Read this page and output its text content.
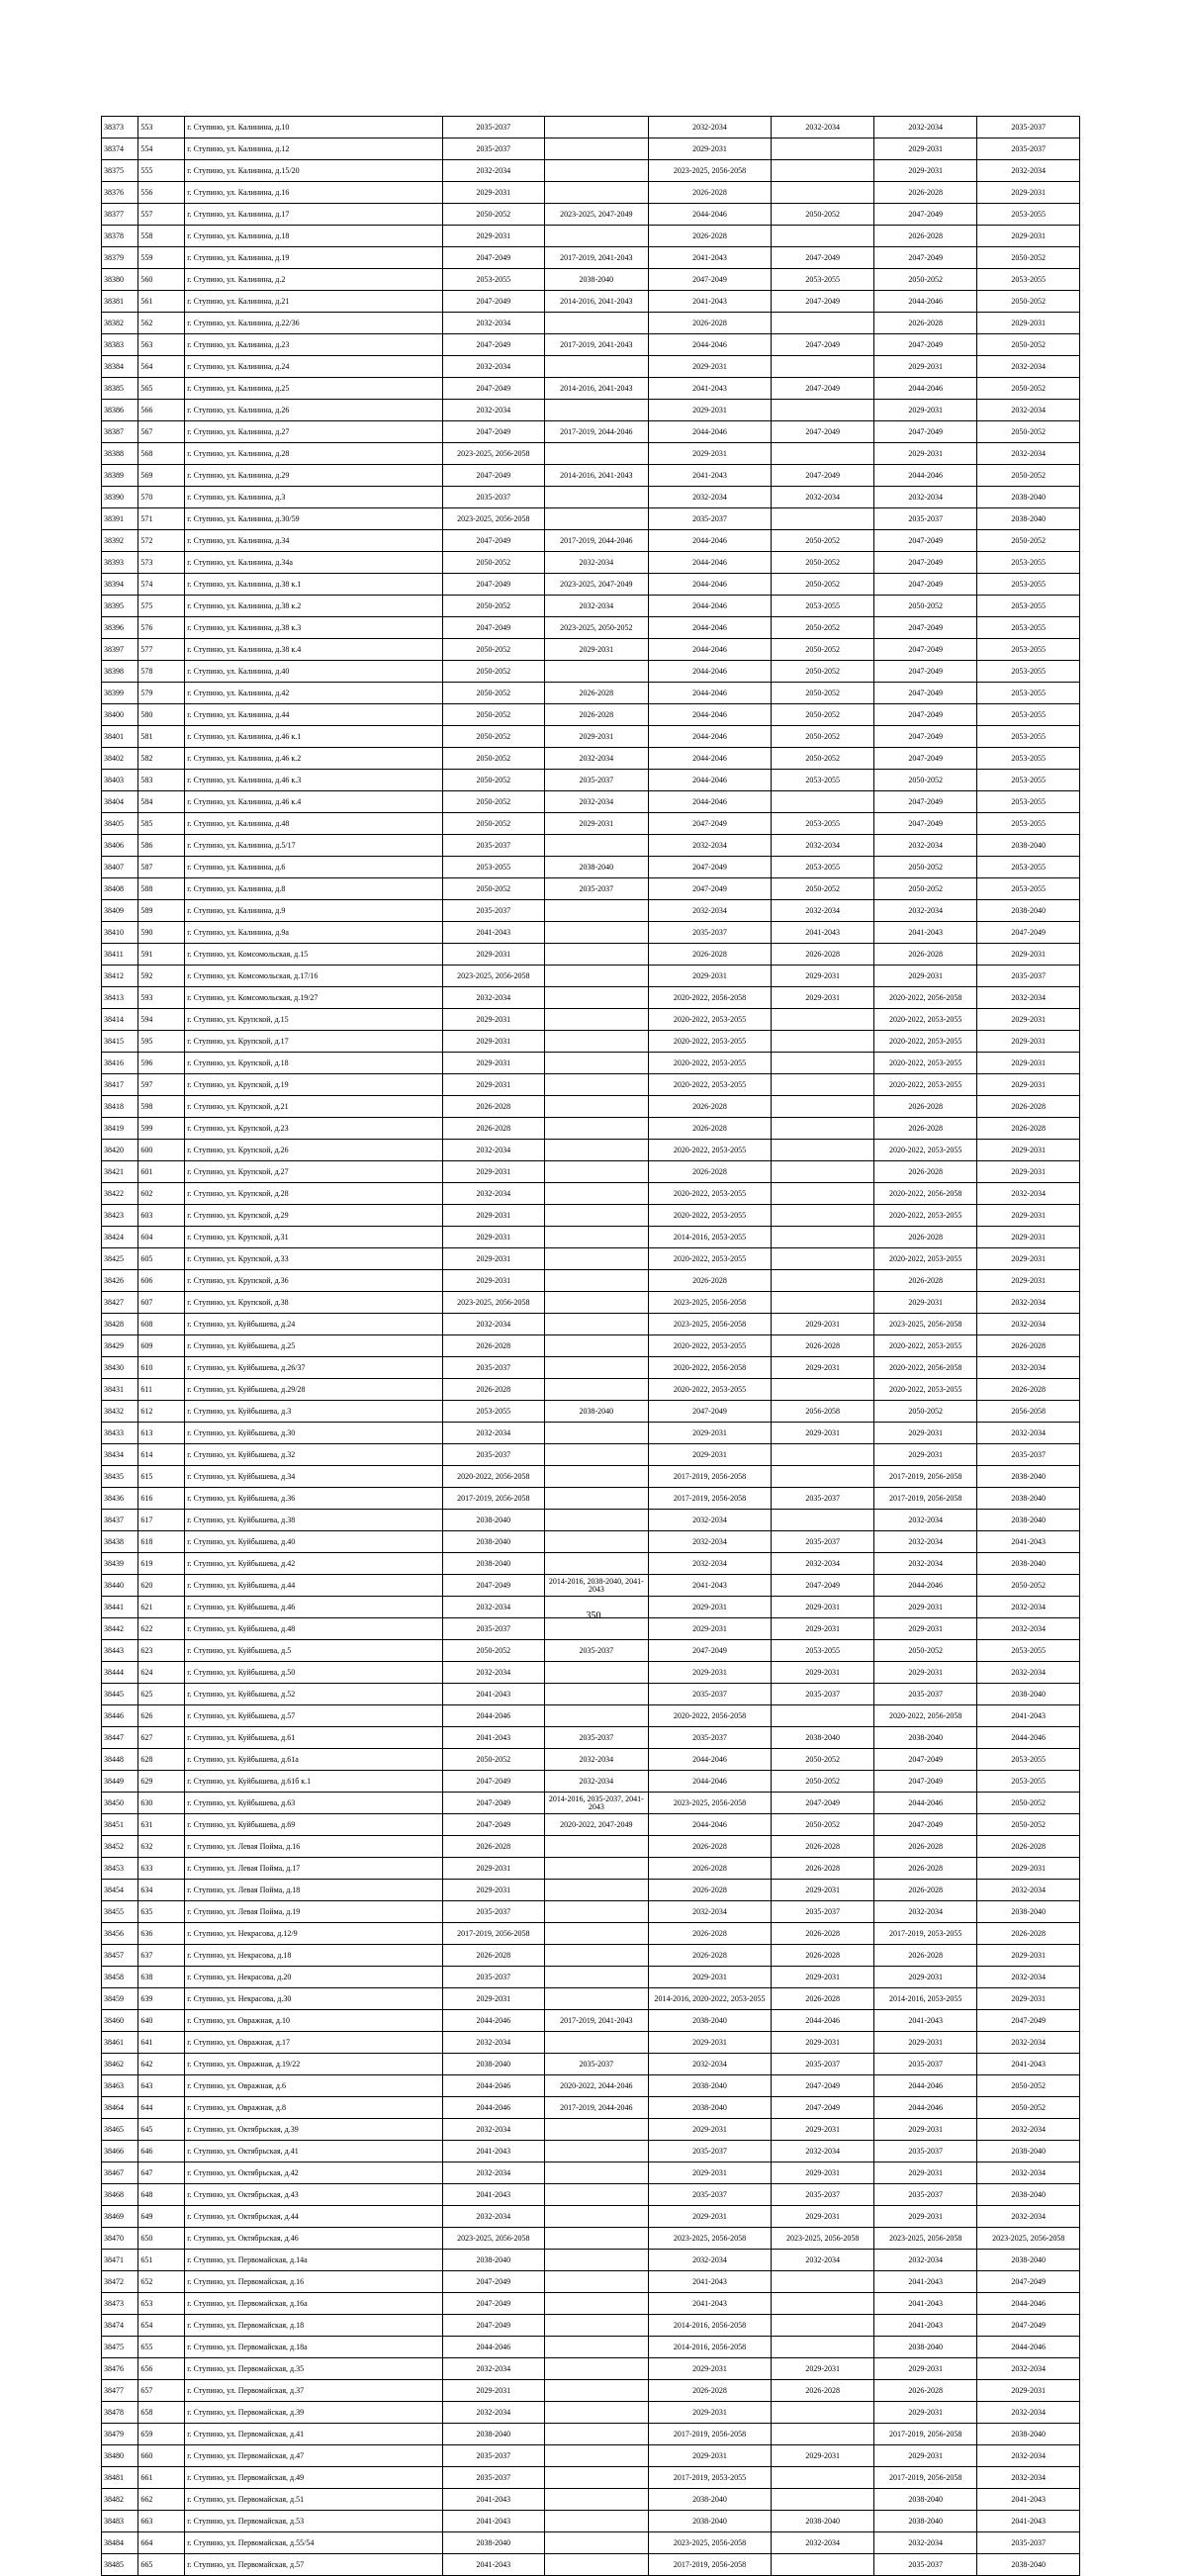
38373	553	г. Ступино, ул. Калинина, д.10	2035-2037		2032-2034	2032-2034	2032-2034	2035-2037
38374	554	г. Ступино, ул. Калинина, д.12	2035-2037		2029-2031		2029-2031	2035-2037
38375	555	г. Ступино, ул. Калинина, д.15/20	2032-2034		2023-2025, 2056-2058		2029-2031	2032-2034
38376	556	г. Ступино, ул. Калинина, д.16	2029-2031		2026-2028		2026-2028	2029-2031
38377	557	г. Ступино, ул. Калинина, д.17	2050-2052	2023-2025, 2047-2049	2044-2046	2050-2052	2047-2049	2053-2055
38378	558	г. Ступино, ул. Калинина, д.18	2029-2031		2026-2028		2026-2028	2029-2031
38379	559	г. Ступино, ул. Калинина, д.19	2047-2049	2017-2019, 2041-2043	2041-2043	2047-2049	2047-2049	2050-2052
38380	560	г. Ступино, ул. Калинина, д.2	2053-2055	2038-2040	2047-2049	2053-2055	2050-2052	2053-2055
38381	561	г. Ступино, ул. Калинина, д.21	2047-2049	2014-2016, 2041-2043	2041-2043	2047-2049	2044-2046	2050-2052
38382	562	г. Ступино, ул. Калинина, д.22/36	2032-2034		2026-2028		2026-2028	2029-2031
38383	563	г. Ступино, ул. Калинина, д.23	2047-2049	2017-2019, 2041-2043	2044-2046	2047-2049	2047-2049	2050-2052
38384	564	г. Ступино, ул. Калинина, д.24	2032-2034		2029-2031		2029-2031	2032-2034
38385	565	г. Ступино, ул. Калинина, д.25	2047-2049	2014-2016, 2041-2043	2041-2043	2047-2049	2044-2046	2050-2052
38386	566	г. Ступино, ул. Калинина, д.26	2032-2034		2029-2031		2029-2031	2032-2034
38387	567	г. Ступино, ул. Калинина, д.27	2047-2049	2017-2019, 2044-2046	2044-2046	2047-2049	2047-2049	2050-2052
38388	568	г. Ступино, ул. Калинина, д.28	2023-2025, 2056-2058		2029-2031		2029-2031	2032-2034
38389	569	г. Ступино, ул. Калинина, д.29	2047-2049	2014-2016, 2041-2043	2041-2043	2047-2049	2044-2046	2050-2052
38390	570	г. Ступино, ул. Калинина, д.3	2035-2037		2032-2034	2032-2034	2032-2034	2038-2040
38391	571	г. Ступино, ул. Калинина, д.30/59	2023-2025, 2056-2058		2035-2037		2035-2037	2038-2040
38392	572	г. Ступино, ул. Калинина, д.34	2047-2049	2017-2019, 2044-2046	2044-2046	2050-2052	2047-2049	2050-2052
38393	573	г. Ступино, ул. Калинина, д.34а	2050-2052	2032-2034	2044-2046	2050-2052	2047-2049	2053-2055
38394	574	г. Ступино, ул. Калинина, д.38 к.1	2047-2049	2023-2025, 2047-2049	2044-2046	2050-2052	2047-2049	2053-2055
38395	575	г. Ступино, ул. Калинина, д.38 к.2	2050-2052	2032-2034	2044-2046	2053-2055	2050-2052	2053-2055
38396	576	г. Ступино, ул. Калинина, д.38 к.3	2047-2049	2023-2025, 2050-2052	2044-2046	2050-2052	2047-2049	2053-2055
38397	577	г. Ступино, ул. Калинина, д.38 к.4	2050-2052	2029-2031	2044-2046	2050-2052	2047-2049	2053-2055
38398	578	г. Ступино, ул. Калинина, д.40	2050-2052		2044-2046	2050-2052	2047-2049	2053-2055
38399	579	г. Ступино, ул. Калинина, д.42	2050-2052	2026-2028	2044-2046	2050-2052	2047-2049	2053-2055
38400	580	г. Ступино, ул. Калинина, д.44	2050-2052	2026-2028	2044-2046	2050-2052	2047-2049	2053-2055
38401	581	г. Ступино, ул. Калинина, д.46 к.1	2050-2052	2029-2031	2044-2046	2050-2052	2047-2049	2053-2055
38402	582	г. Ступино, ул. Калинина, д.46 к.2	2050-2052	2032-2034	2044-2046	2050-2052	2047-2049	2053-2055
38403	583	г. Ступино, ул. Калинина, д.46 к.3	2050-2052	2035-2037	2044-2046	2053-2055	2050-2052	2053-2055
38404	584	г. Ступино, ул. Калинина, д.46 к.4	2050-2052	2032-2034	2044-2046		2047-2049	2053-2055
38405	585	г. Ступино, ул. Калинина, д.48	2050-2052	2029-2031	2047-2049	2053-2055	2047-2049	2053-2055
38406	586	г. Ступино, ул. Калинина, д.5/17	2035-2037		2032-2034	2032-2034	2032-2034	2038-2040
38407	587	г. Ступино, ул. Калинина, д.6	2053-2055	2038-2040	2047-2049	2053-2055	2050-2052	2053-2055
38408	588	г. Ступино, ул. Калинина, д.8	2050-2052	2035-2037	2047-2049	2050-2052	2050-2052	2053-2055
38409	589	г. Ступино, ул. Калинина, д.9	2035-2037		2032-2034	2032-2034	2032-2034	2038-2040
38410	590	г. Ступино, ул. Калинина, д.9а	2041-2043		2035-2037	2041-2043	2041-2043	2047-2049
38411	591	г. Ступино, ул. Комсомольская, д.15	2029-2031		2026-2028	2026-2028	2026-2028	2029-2031
38412	592	г. Ступино, ул. Комсомольская, д.17/16	2023-2025, 2056-2058		2029-2031	2029-2031	2029-2031	2035-2037
38413	593	г. Ступино, ул. Комсомольская, д.19/27	2032-2034		2020-2022, 2056-2058	2029-2031	2020-2022, 2056-2058	2032-2034
38414	594	г. Ступино, ул. Крупской, д.15	2029-2031		2020-2022, 2053-2055		2020-2022, 2053-2055	2029-2031
38415	595	г. Ступино, ул. Крупской, д.17	2029-2031		2020-2022, 2053-2055		2020-2022, 2053-2055	2029-2031
38416	596	г. Ступино, ул. Крупской, д.18	2029-2031		2020-2022, 2053-2055		2020-2022, 2053-2055	2029-2031
38417	597	г. Ступино, ул. Крупской, д.19	2029-2031		2020-2022, 2053-2055		2020-2022, 2053-2055	2029-2031
38418	598	г. Ступино, ул. Крупской, д.21	2026-2028		2026-2028		2026-2028	2026-2028
38419	599	г. Ступино, ул. Крупской, д.23	2026-2028		2026-2028		2026-2028	2026-2028
38420	600	г. Ступино, ул. Крупской, д.26	2032-2034		2020-2022, 2053-2055		2020-2022, 2053-2055	2029-2031
38421	601	г. Ступино, ул. Крупской, д.27	2029-2031		2026-2028		2026-2028	2029-2031
38422	602	г. Ступино, ул. Крупской, д.28	2032-2034		2020-2022, 2053-2055		2020-2022, 2056-2058	2032-2034
38423	603	г. Ступино, ул. Крупской, д.29	2029-2031		2020-2022, 2053-2055		2020-2022, 2053-2055	2029-2031
38424	604	г. Ступино, ул. Крупской, д.31	2029-2031		2014-2016, 2053-2055		2026-2028	2029-2031
38425	605	г. Ступино, ул. Крупской, д.33	2029-2031		2020-2022, 2053-2055		2020-2022, 2053-2055	2029-2031
38426	606	г. Ступино, ул. Крупской, д.36	2029-2031		2026-2028		2026-2028	2029-2031
38427	607	г. Ступино, ул. Крупской, д.38	2023-2025, 2056-2058		2023-2025, 2056-2058		2029-2031	2032-2034
38428	608	г. Ступино, ул. Куйбышева, д.24	2032-2034		2023-2025, 2056-2058	2029-2031	2023-2025, 2056-2058	2032-2034
38429	609	г. Ступино, ул. Куйбышева, д.25	2026-2028		2020-2022, 2053-2055	2026-2028	2020-2022, 2053-2055	2026-2028
38430	610	г. Ступино, ул. Куйбышева, д.26/37	2035-2037		2020-2022, 2056-2058	2029-2031	2020-2022, 2056-2058	2032-2034
38431	611	г. Ступино, ул. Куйбышева, д.29/28	2026-2028		2020-2022, 2053-2055		2020-2022, 2053-2055	2026-2028
38432	612	г. Ступино, ул. Куйбышева, д.3	2053-2055	2038-2040	2047-2049	2056-2058	2050-2052	2056-2058
38433	613	г. Ступино, ул. Куйбышева, д.30	2032-2034		2029-2031	2029-2031	2029-2031	2032-2034
38434	614	г. Ступино, ул. Куйбышева, д.32	2035-2037		2029-2031		2029-2031	2035-2037
38435	615	г. Ступино, ул. Куйбышева, д.34	2020-2022, 2056-2058		2017-2019, 2056-2058		2017-2019, 2056-2058	2038-2040
38436	616	г. Ступино, ул. Куйбышева, д.36	2017-2019, 2056-2058		2017-2019, 2056-2058	2035-2037	2017-2019, 2056-2058	2038-2040
38437	617	г. Ступино, ул. Куйбышева, д.38	2038-2040		2032-2034		2032-2034	2038-2040
38438	618	г. Ступино, ул. Куйбышева, д.40	2038-2040		2032-2034	2035-2037	2032-2034	2041-2043
38439	619	г. Ступино, ул. Куйбышева, д.42	2038-2040		2032-2034	2032-2034	2032-2034	2038-2040
38440	620	г. Ступино, ул. Куйбышева, д.44	2047-2049	2014-2016, 2038-2040, 2041-2043	2041-2043	2047-2049	2044-2046	2050-2052
38441	621	г. Ступино, ул. Куйбышева, д.46	2032-2034		2029-2031	2029-2031	2029-2031	2032-2034
38442	622	г. Ступино, ул. Куйбышева, д.48	2035-2037		2029-2031	2029-2031	2029-2031	2032-2034
38443	623	г. Ступино, ул. Куйбышева, д.5	2050-2052	2035-2037	2047-2049	2053-2055	2050-2052	2053-2055
38444	624	г. Ступино, ул. Куйбышева, д.50	2032-2034		2029-2031	2029-2031	2029-2031	2032-2034
38445	625	г. Ступино, ул. Куйбышева, д.52	2041-2043		2035-2037	2035-2037	2035-2037	2038-2040
38446	626	г. Ступино, ул. Куйбышева, д.57	2044-2046		2020-2022, 2056-2058		2020-2022, 2056-2058	2041-2043
38447	627	г. Ступино, ул. Куйбышева, д.61	2041-2043	2035-2037	2035-2037	2038-2040	2038-2040	2044-2046
38448	628	г. Ступино, ул. Куйбышева, д.61а	2050-2052	2032-2034	2044-2046	2050-2052	2047-2049	2053-2055
38449	629	г. Ступино, ул. Куйбышева, д.61б к.1	2047-2049	2032-2034	2044-2046	2050-2052	2047-2049	2053-2055
38450	630	г. Ступино, ул. Куйбышева, д.63	2047-2049	2014-2016, 2035-2037, 2041-2043	2023-2025, 2056-2058	2047-2049	2044-2046	2050-2052
38451	631	г. Ступино, ул. Куйбышева, д.69	2047-2049	2020-2022, 2047-2049	2044-2046	2050-2052	2047-2049	2050-2052
38452	632	г. Ступино, ул. Левая Пойма, д.16	2026-2028		2026-2028	2026-2028	2026-2028	2026-2028
38453	633	г. Ступино, ул. Левая Пойма, д.17	2029-2031		2026-2028	2026-2028	2026-2028	2029-2031
38454	634	г. Ступино, ул. Левая Пойма, д.18	2029-2031		2026-2028	2029-2031	2026-2028	2032-2034
38455	635	г. Ступино, ул. Левая Пойма, д.19	2035-2037		2032-2034	2035-2037	2032-2034	2038-2040
38456	636	г. Ступино, ул. Некрасова, д.12/9	2017-2019, 2056-2058		2026-2028	2026-2028	2017-2019, 2053-2055	2026-2028
38457	637	г. Ступино, ул. Некрасова, д.18	2026-2028		2026-2028	2026-2028	2026-2028	2029-2031
38458	638	г. Ступино, ул. Некрасова, д.20	2035-2037		2029-2031	2029-2031	2029-2031	2032-2034
38459	639	г. Ступино, ул. Некрасова, д.30	2029-2031		2014-2016, 2020-2022, 2053-2055	2026-2028	2014-2016, 2053-2055	2029-2031
38460	640	г. Ступино, ул. Овражная, д.10	2044-2046	2017-2019, 2041-2043	2038-2040	2044-2046	2041-2043	2047-2049
38461	641	г. Ступино, ул. Овражная, д.17	2032-2034		2029-2031	2029-2031	2029-2031	2032-2034
38462	642	г. Ступино, ул. Овражная, д.19/22	2038-2040	2035-2037	2032-2034	2035-2037	2035-2037	2041-2043
38463	643	г. Ступино, ул. Овражная, д.6	2044-2046	2020-2022, 2044-2046	2038-2040	2047-2049	2044-2046	2050-2052
38464	644	г. Ступино, ул. Овражная, д.8	2044-2046	2017-2019, 2044-2046	2038-2040	2047-2049	2044-2046	2050-2052
38465	645	г. Ступино, ул. Октябрьская, д.39	2032-2034		2029-2031	2029-2031	2029-2031	2032-2034
38466	646	г. Ступино, ул. Октябрьская, д.41	2041-2043		2035-2037	2032-2034	2035-2037	2038-2040
38467	647	г. Ступино, ул. Октябрьская, д.42	2032-2034		2029-2031	2029-2031	2029-2031	2032-2034
38468	648	г. Ступино, ул. Октябрьская, д.43	2041-2043		2035-2037	2035-2037	2035-2037	2038-2040
38469	649	г. Ступино, ул. Октябрьская, д.44	2032-2034		2029-2031	2029-2031	2029-2031	2032-2034
38470	650	г. Ступино, ул. Октябрьская, д.46	2023-2025, 2056-2058		2023-2025, 2056-2058	2023-2025, 2056-2058	2023-2025, 2056-2058	2023-2025, 2056-2058
38471	651	г. Ступино, ул. Первомайская, д.14а	2038-2040		2032-2034	2032-2034	2032-2034	2038-2040
38472	652	г. Ступино, ул. Первомайская, д.16	2047-2049		2041-2043		2041-2043	2047-2049
38473	653	г. Ступино, ул. Первомайская, д.16а	2047-2049		2041-2043		2041-2043	2044-2046
38474	654	г. Ступино, ул. Первомайская, д.18	2047-2049		2014-2016, 2056-2058		2041-2043	2047-2049
38475	655	г. Ступино, ул. Первомайская, д.18а	2044-2046		2014-2016, 2056-2058		2038-2040	2044-2046
38476	656	г. Ступино, ул. Первомайская, д.35	2032-2034		2029-2031	2029-2031	2029-2031	2032-2034
38477	657	г. Ступино, ул. Первомайская, д.37	2029-2031		2026-2028	2026-2028	2026-2028	2029-2031
38478	658	г. Ступино, ул. Первомайская, д.39	2032-2034		2029-2031		2029-2031	2032-2034
38479	659	г. Ступино, ул. Первомайская, д.41	2038-2040		2017-2019, 2056-2058		2017-2019, 2056-2058	2038-2040
38480	660	г. Ступино, ул. Первомайская, д.47	2035-2037		2029-2031	2029-2031	2029-2031	2032-2034
38481	661	г. Ступино, ул. Первомайская, д.49	2035-2037		2017-2019, 2053-2055		2017-2019, 2056-2058	2032-2034
38482	662	г. Ступино, ул. Первомайская, д.51	2041-2043		2038-2040		2038-2040	2041-2043
38483	663	г. Ступино, ул. Первомайская, д.53	2041-2043		2038-2040	2038-2040	2038-2040	2041-2043
38484	664	г. Ступино, ул. Первомайская, д.55/54	2038-2040		2023-2025, 2056-2058	2032-2034	2032-2034	2035-2037
38485	665	г. Ступино, ул. Первомайская, д.57	2041-2043		2017-2019, 2056-2058		2035-2037	2038-2040
350
